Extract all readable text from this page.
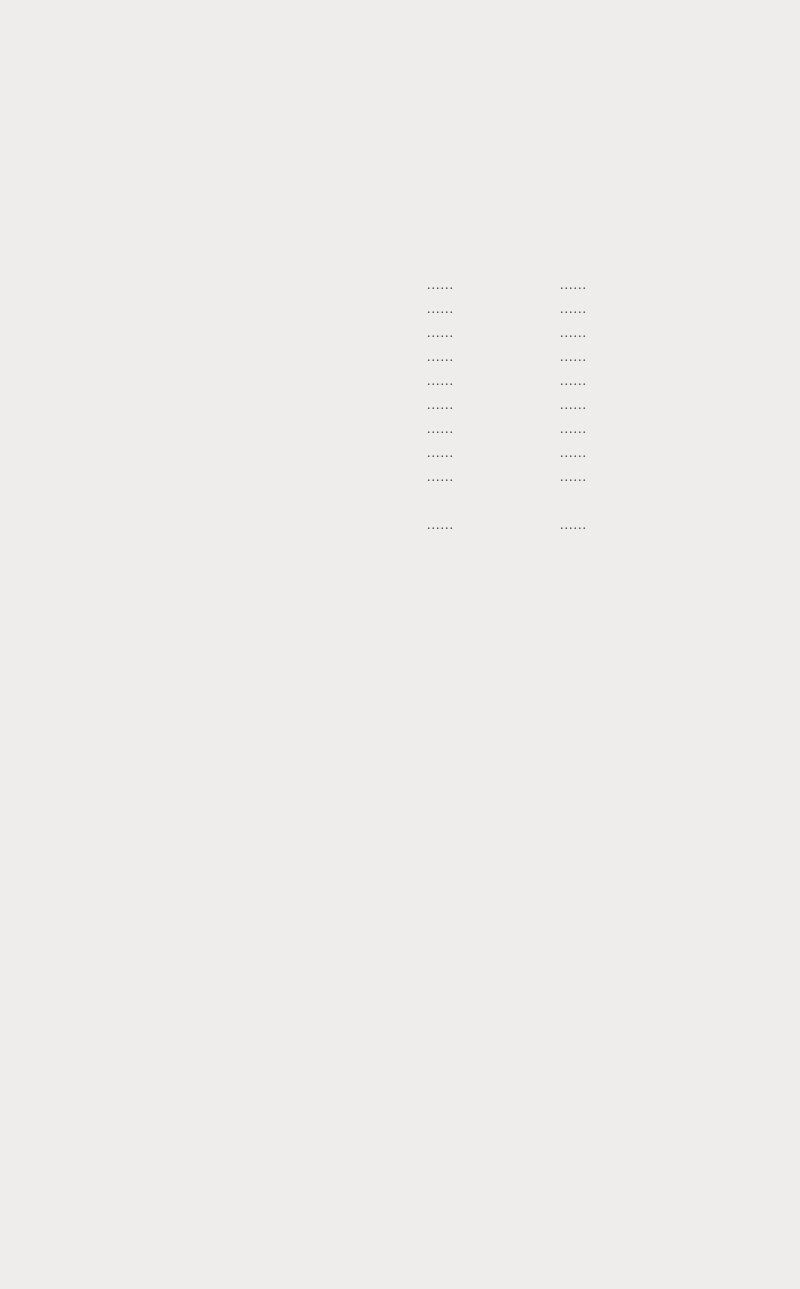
......	......
......	......
......	......
......	......
......	......
......	......
......	......
......	......
......	......
......	......
